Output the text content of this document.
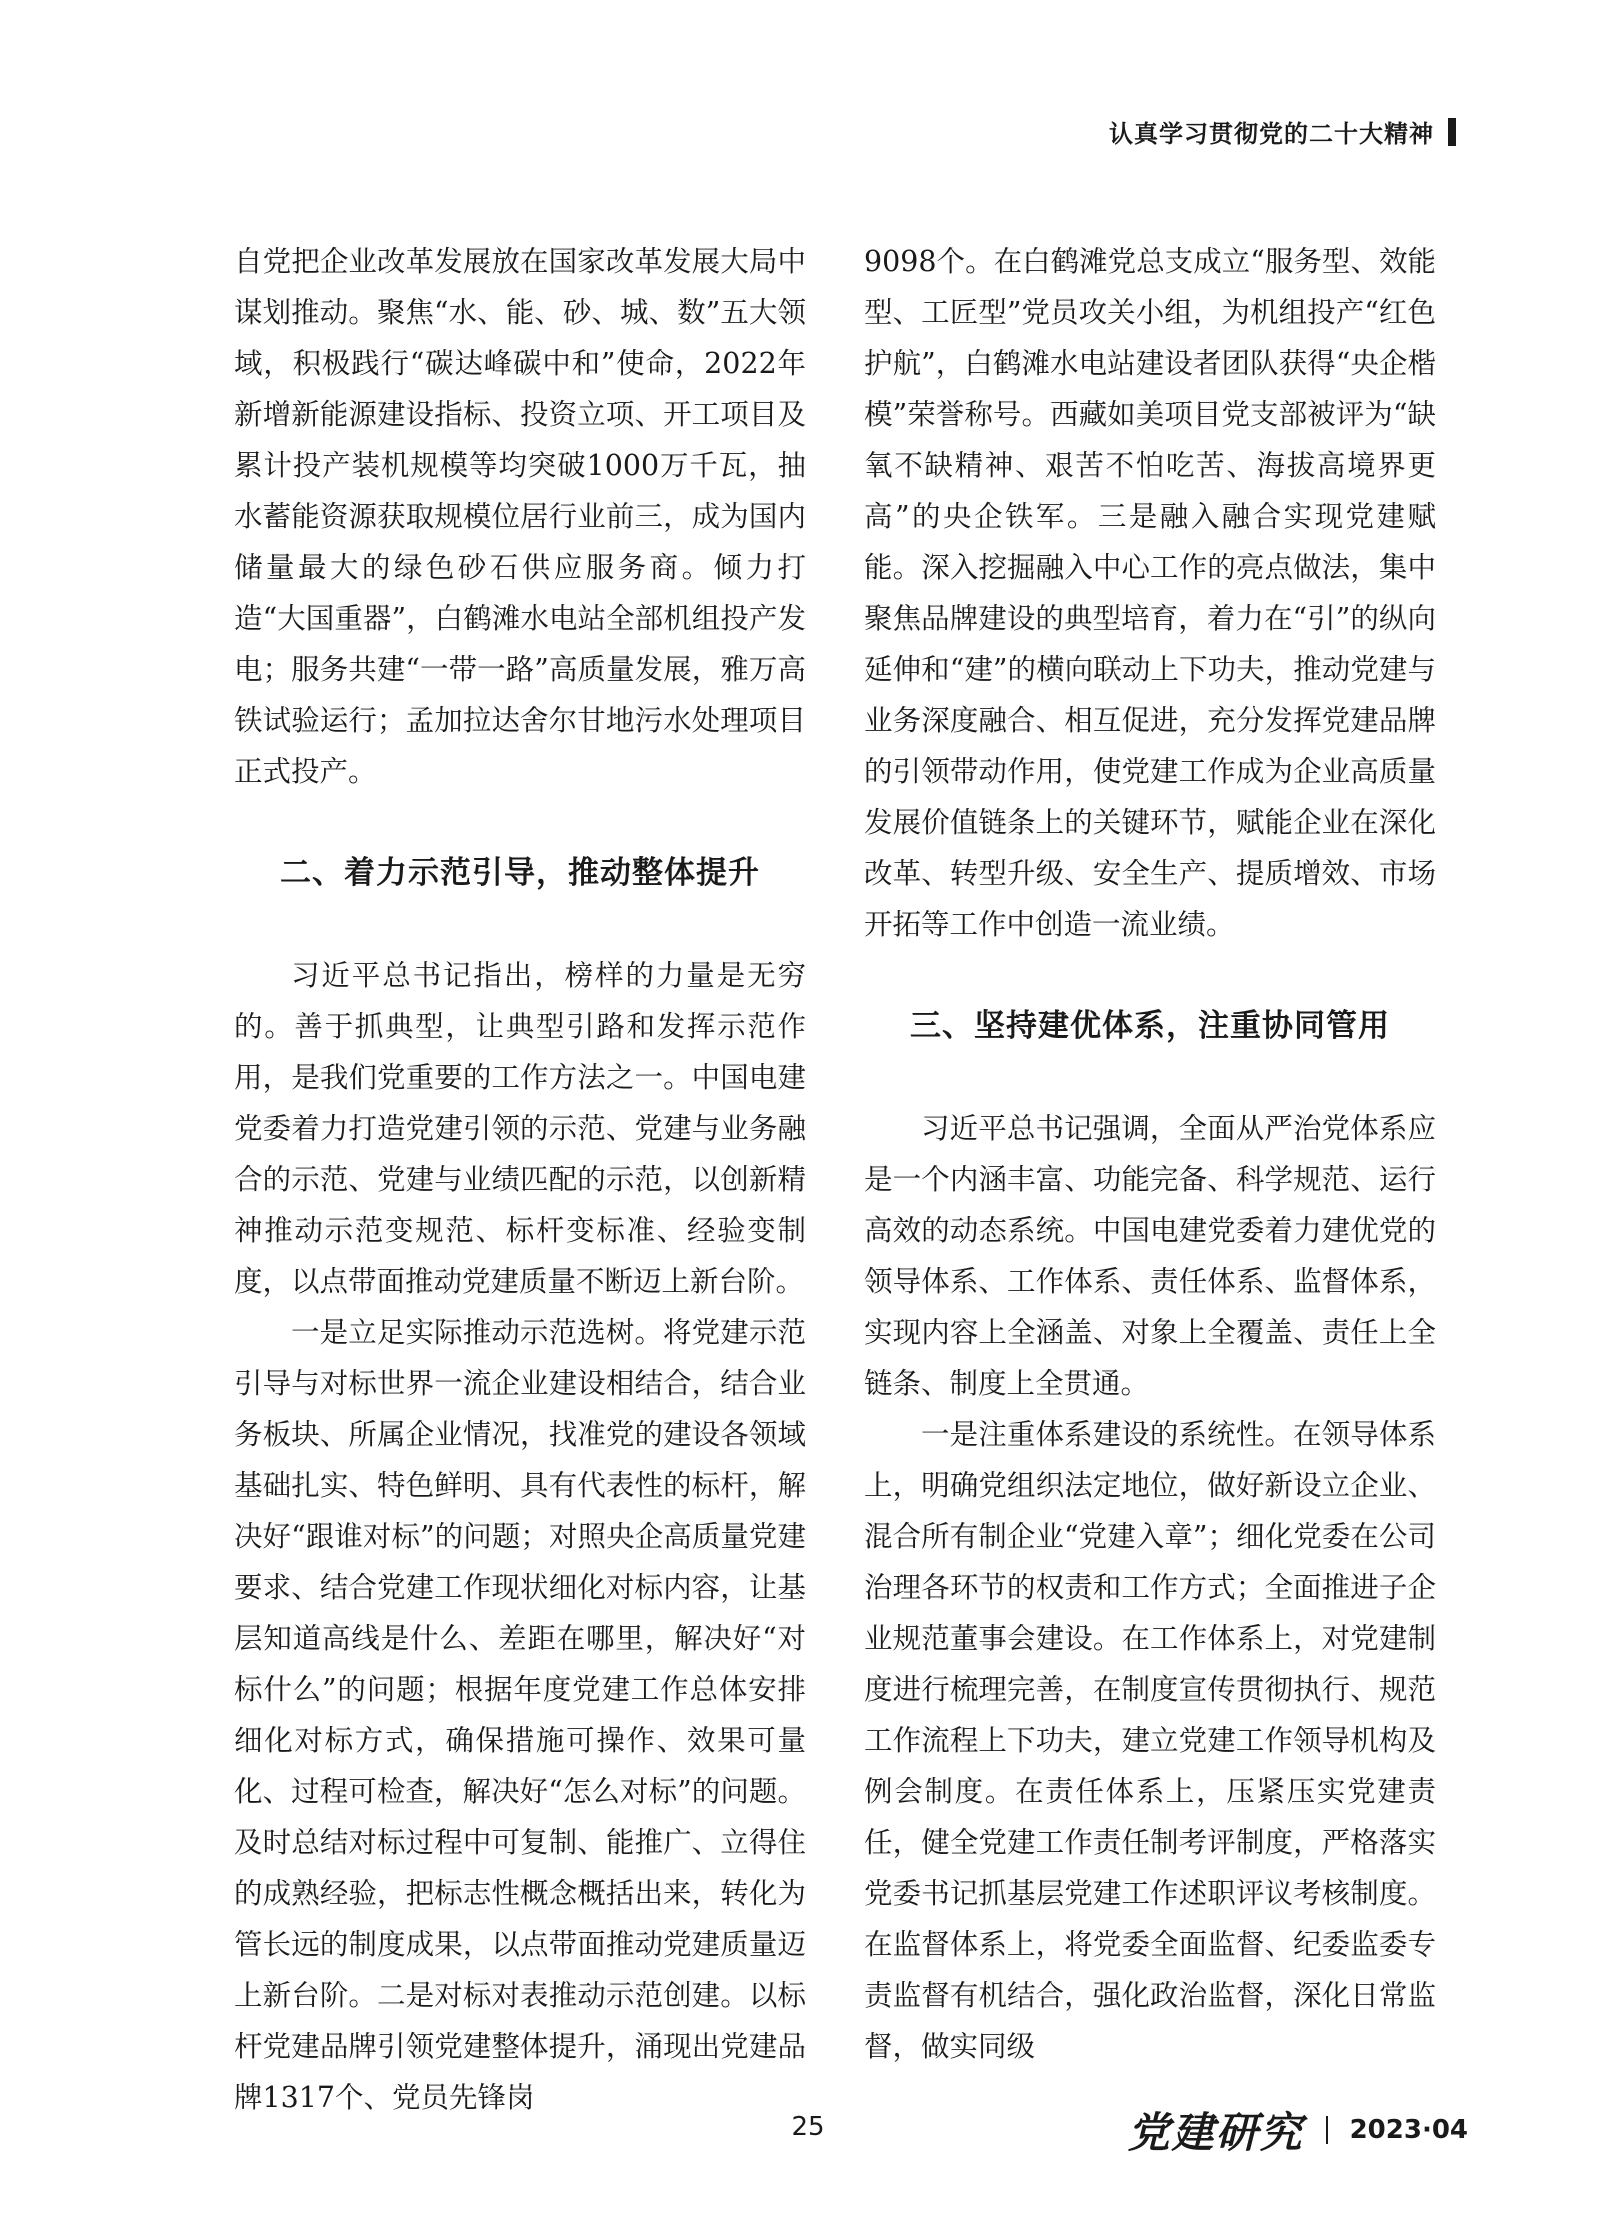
认真学习贯彻党的二十大精神

自党把企业改革发展放在国家改革发展大局中谋划推动。聚焦“水、能、砂、城、数”五大领域，积极践行“碳达峰碳中和”使命，2022年新增新能源建设指标、投资立项、开工项目及累计投产装机规模等均突破1000万千瓦，抽水蓄能资源获取规模位居行业前三，成为国内储量最大的绿色砂石供应服务商。倾力打造“大国重器”，白鹤滩水电站全部机组投产发电；服务共建“一带一路”高质量发展，雅万高铁试验运行；孟加拉达舍尔甘地污水处理项目正式投产。

二、着力示范引导，推动整体提升

习近平总书记指出，榜样的力量是无穷的。善于抓典型，让典型引路和发挥示范作用，是我们党重要的工作方法之一。中国电建党委着力打造党建引领的示范、党建与业务融合的示范、党建与业绩匹配的示范，以创新精神推动示范变规范、标杆变标准、经验变制度，以点带面推动党建质量不断迈上新台阶。

一是立足实际推动示范选树。将党建示范引导与对标世界一流企业建设相结合，结合业务板块、所属企业情况，找准党的建设各领域基础扎实、特色鲜明、具有代表性的标杆，解决好“跟谁对标”的问题；对照央企高质量党建要求、结合党建工作现状细化对标内容，让基层知道高线是什么、差距在哪里，解决好“对标什么”的问题；根据年度党建工作总体安排细化对标方式，确保措施可操作、效果可量化、过程可检查，解决好“怎么对标”的问题。及时总结对标过程中可复制、能推广、立得住的成熟经验，把标志性概念概括出来，转化为管长远的制度成果，以点带面推动党建质量迈上新台阶。二是对标对表推动示范创建。以标杆党建品牌引领党建整体提升，涌现出党建品牌1317个、党员先锋岗

9098个。在白鹤滩党总支成立“服务型、效能型、工匠型”党员攻关小组，为机组投产“红色护航”，白鹤滩水电站建设者团队获得“央企楷模”荣誉称号。西藏如美项目党支部被评为“缺氧不缺精神、艰苦不怕吃苦、海拔高境界更高”的央企铁军。三是融入融合实现党建赋能。深入挖掘融入中心工作的亮点做法，集中聚焦品牌建设的典型培育，着力在“引”的纵向延伸和“建”的横向联动上下功夫，推动党建与业务深度融合、相互促进，充分发挥党建品牌的引领带动作用，使党建工作成为企业高质量发展价值链条上的关键环节，赋能企业在深化改革、转型升级、安全生产、提质增效、市场开拓等工作中创造一流业绩。

三、坚持建优体系，注重协同管用

习近平总书记强调，全面从严治党体系应是一个内涵丰富、功能完备、科学规范、运行高效的动态系统。中国电建党委着力建优党的领导体系、工作体系、责任体系、监督体系，实现内容上全涵盖、对象上全覆盖、责任上全链条、制度上全贯通。

一是注重体系建设的系统性。在领导体系上，明确党组织法定地位，做好新设立企业、混合所有制企业“党建入章”；细化党委在公司治理各环节的权责和工作方式；全面推进子企业规范董事会建设。在工作体系上，对党建制度进行梳理完善，在制度宣传贯彻执行、规范工作流程上下功夫，建立党建工作领导机构及例会制度。在责任体系上，压紧压实党建责任，健全党建工作责任制考评制度，严格落实党委书记抓基层党建工作述职评议考核制度。在监督体系上，将党委全面监督、纪委监委专责监督有机结合，强化政治监督，深化日常监督，做实同级

25	党建研究 2023·04
